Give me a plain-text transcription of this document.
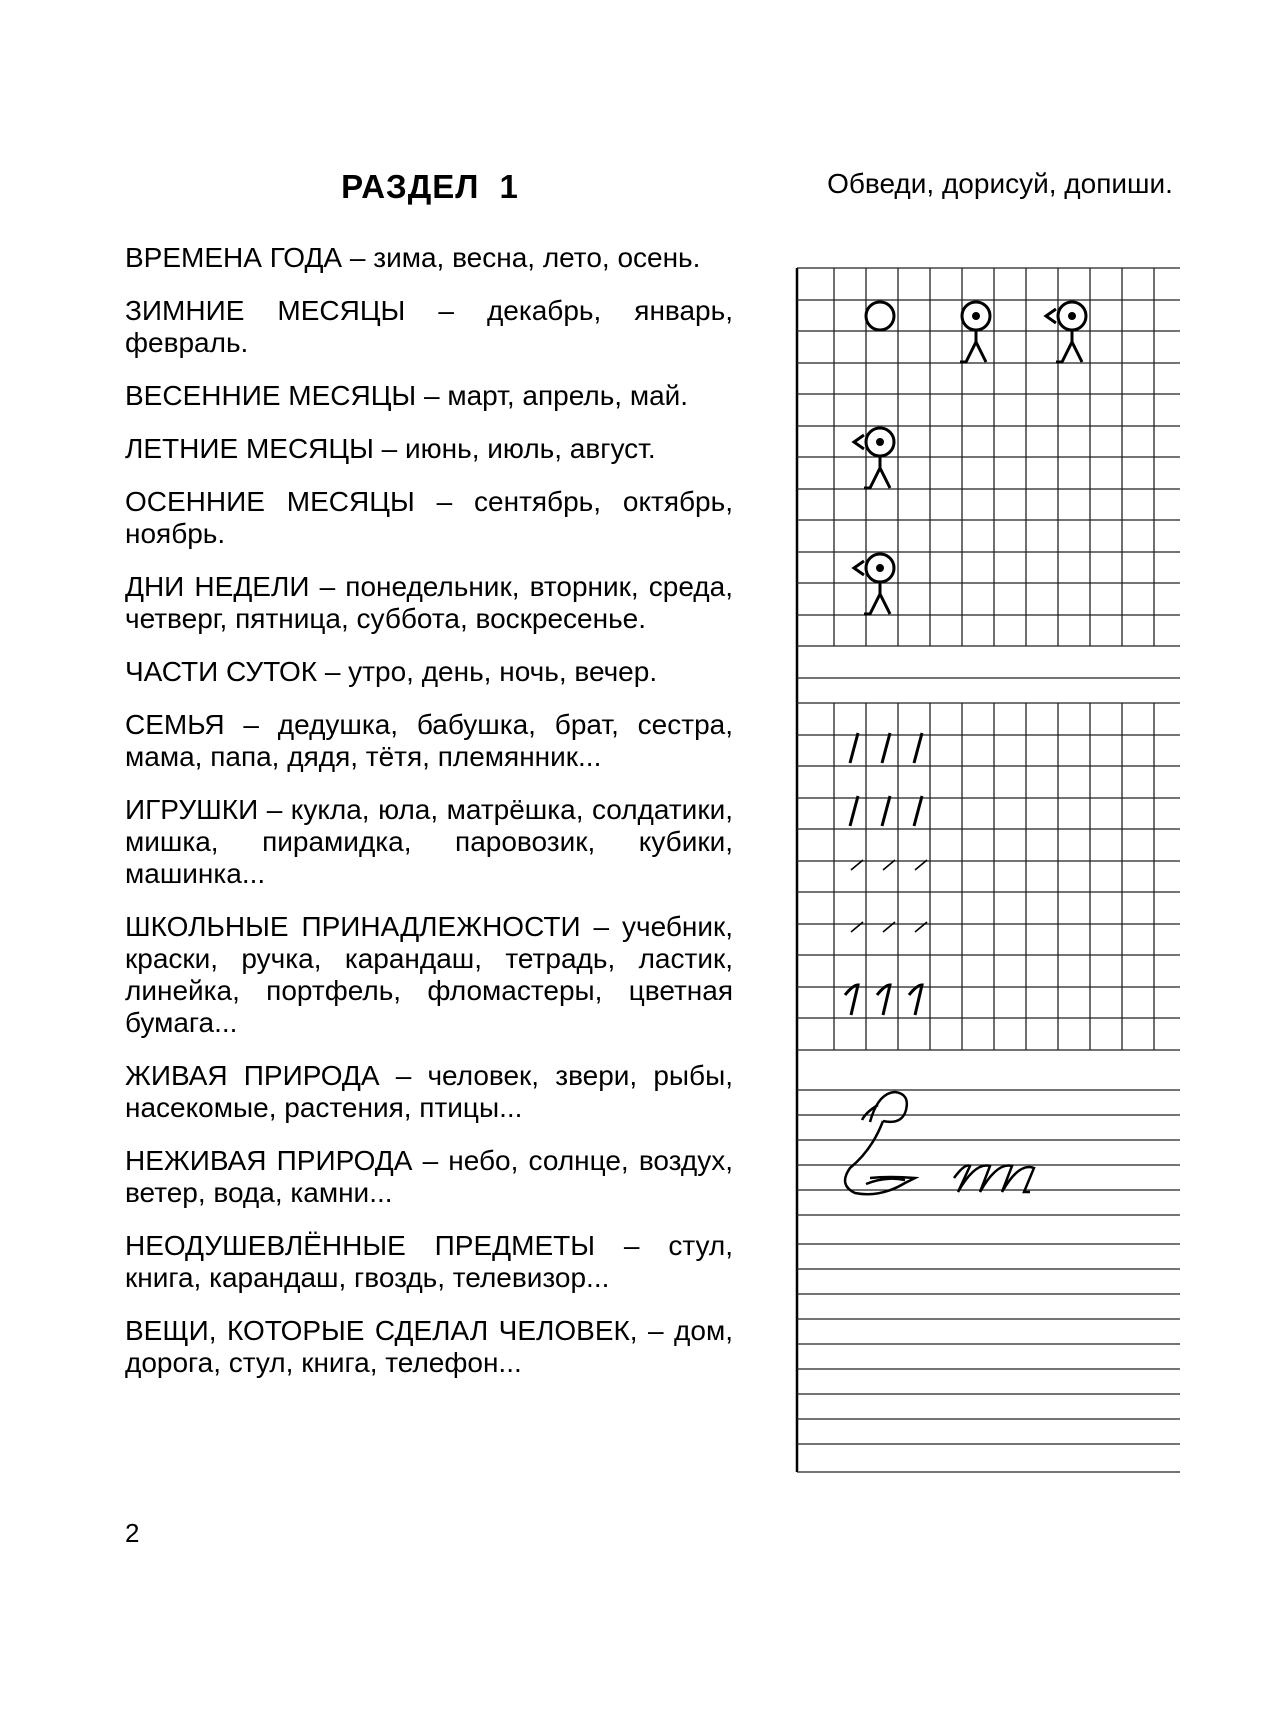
РАЗДЕЛ 1

ВРЕМЕНА ГОДА – зима, весна, лето, осень.

ЗИМНИЕ МЕСЯЦЫ – декабрь, январь, февраль.

ВЕСЕННИЕ МЕСЯЦЫ – март, апрель, май.

ЛЕТНИЕ МЕСЯЦЫ – июнь, июль, август.

ОСЕННИЕ МЕСЯЦЫ – сентябрь, октябрь, ноябрь.

ДНИ НЕДЕЛИ – понедельник, вторник, среда, четверг, пятница, суббота, воскресенье.

ЧАСТИ СУТОК – утро, день, ночь, вечер.

СЕМЬЯ – дедушка, бабушка, брат, сестра, мама, папа, дядя, тётя, племянник...

ИГРУШКИ – кукла, юла, матрёшка, солдатики, мишка, пирамидка, паровозик, кубики, машинка...

ШКОЛЬНЫЕ ПРИНАДЛЕЖНОСТИ – учебник, краски, ручка, карандаш, тетрадь, ластик, линейка, портфель, фломастеры, цветная бумага...

ЖИВАЯ ПРИРОДА – человек, звери, рыбы, насекомые, растения, птицы...

НЕЖИВАЯ ПРИРОДА – небо, солнце, воздух, ветер, вода, камни...

НЕОДУШЕВЛЁННЫЕ ПРЕДМЕТЫ – стул, книга, карандаш, гвоздь, телевизор...

ВЕЩИ, КОТОРЫЕ СДЕЛАЛ ЧЕЛОВЕК, – дом, дорога, стул, книга, телефон...

Обведи, дорисуй, допиши.
2
